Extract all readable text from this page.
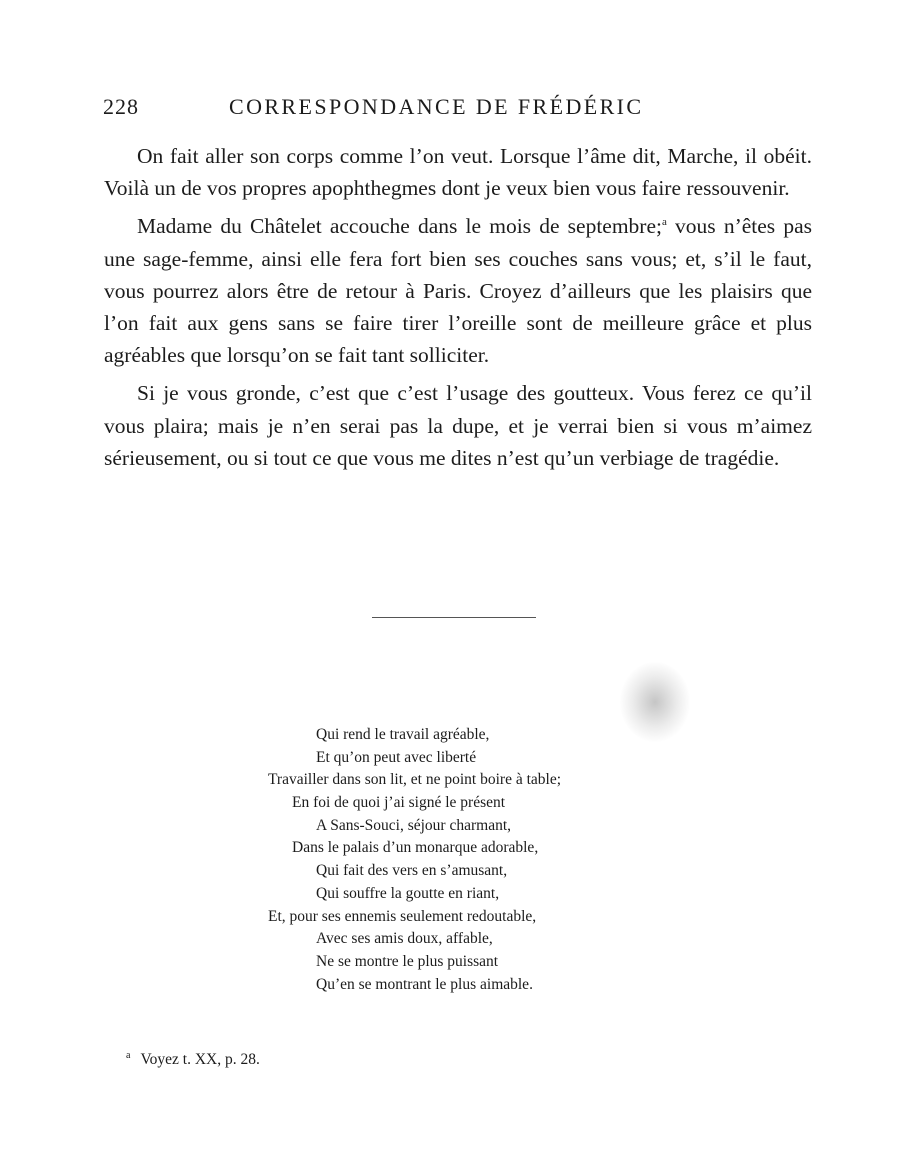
228	CORRESPONDANCE DE FRÉDÉRIC

On fait aller son corps comme l’on veut. Lorsque l’âme dit, Marche, il obéit. Voilà un de vos propres apophthegmes dont je veux bien vous faire ressouvenir.

Madame du Châtelet accouche dans le mois de septembre;$^a$ vous n’êtes pas une sage-femme, ainsi elle fera fort bien ses couches sans vous; et, s’il le faut, vous pourrez alors être de retour à Paris. Croyez d’ailleurs que les plaisirs que l’on fait aux gens sans se faire tirer l’oreille sont de meilleure grâce et plus agréables que lorsqu’on se fait tant solliciter.

Si je vous gronde, c’est que c’est l’usage des goutteux. Vous ferez ce qu’il vous plaira; mais je n’en serai pas la dupe, et je verrai bien si vous m’aimez sérieusement, ou si tout ce que vous me dites n’est qu’un verbiage de tragédie.

Qui rend le travail agréable,
Et qu’on peut avec liberté
Travailler dans son lit, et ne point boire à table;
En foi de quoi j’ai signé le présent
A Sans-Souci, séjour charmant,
Dans le palais d’un monarque adorable,
Qui fait des vers en s’amusant,
Qui souffre la goutte en riant,
Et, pour ses ennemis seulement redoutable,
Avec ses amis doux, affable,
Ne se montre le plus puissant
Qu’en se montrant le plus aimable.
$^a$ Voyez t. XX, p. 28.
